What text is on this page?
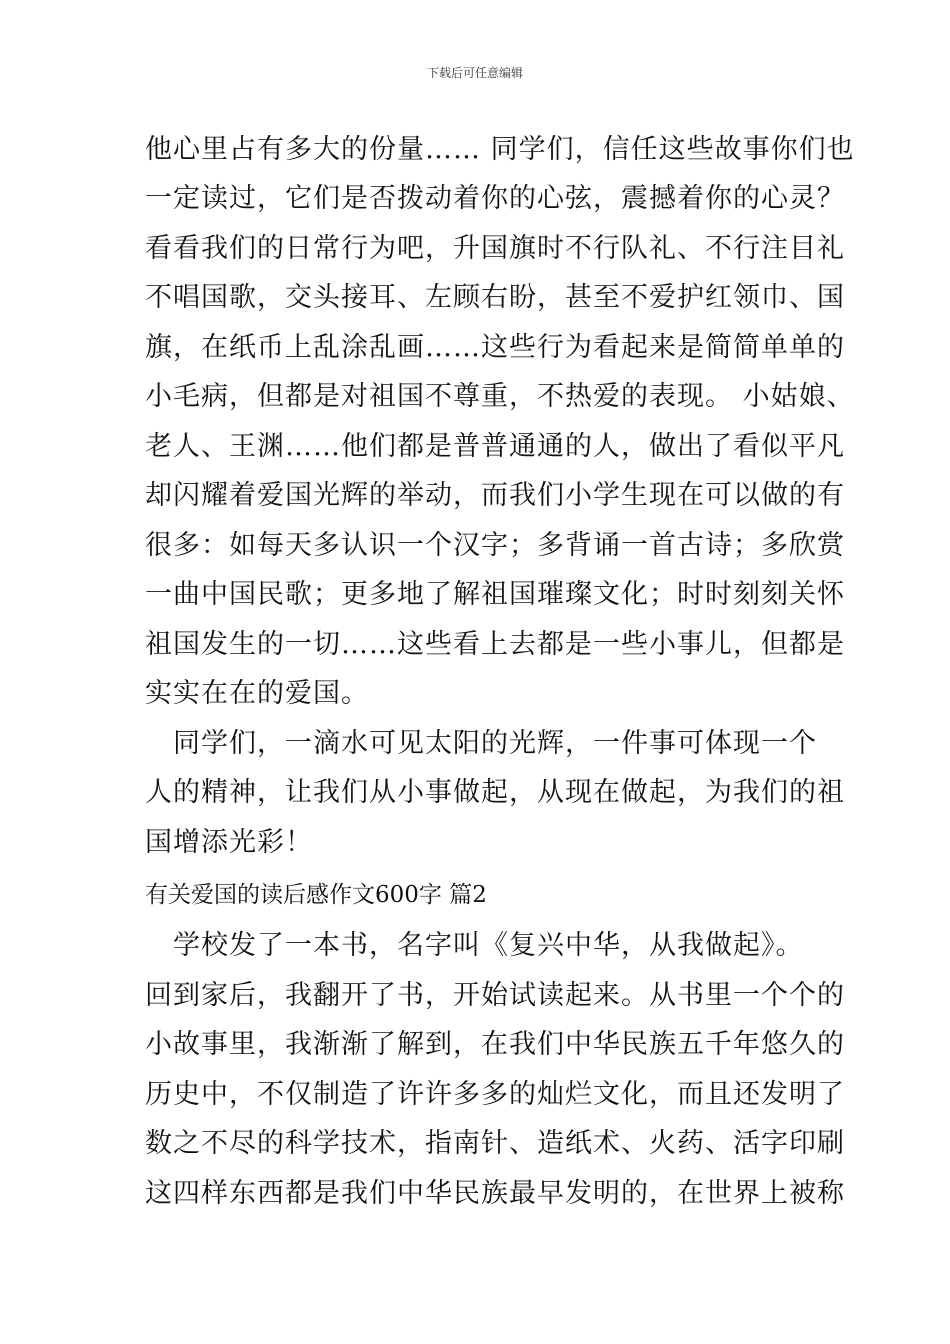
下载后可任意编辑
他心里占有多大的份量…… 同学们，信任这些故事你们也
一定读过，它们是否拨动着你的心弦，震撼着你的心灵？
看看我们的日常行为吧，升国旗时不行队礼、不行注目礼
不唱国歌，交头接耳、左顾右盼，甚至不爱护红领巾、国
旗，在纸币上乱涂乱画……这些行为看起来是简简单单的
小毛病，但都是对祖国不尊重，不热爱的表现。 小姑娘、
老人、王渊……他们都是普普通通的人，做出了看似平凡
却闪耀着爱国光辉的举动，而我们小学生现在可以做的有
很多：如每天多认识一个汉字；多背诵一首古诗；多欣赏
一曲中国民歌；更多地了解祖国璀璨文化；时时刻刻关怀
祖国发生的一切……这些看上去都是一些小事儿，但都是
实实在在的爱国。
　同学们，一滴水可见太阳的光辉，一件事可体现一个
人的精神，让我们从小事做起，从现在做起，为我们的祖
国增添光彩！
有关爱国的读后感作文600字 篇2
　学校发了一本书，名字叫《复兴中华，从我做起》。
回到家后，我翻开了书，开始试读起来。从书里一个个的
小故事里，我渐渐了解到，在我们中华民族五千年悠久的
历史中，不仅制造了许许多多的灿烂文化，而且还发明了
数之不尽的科学技术，指南针、造纸术、火药、活字印刷
这四样东西都是我们中华民族最早发明的，在世界上被称
